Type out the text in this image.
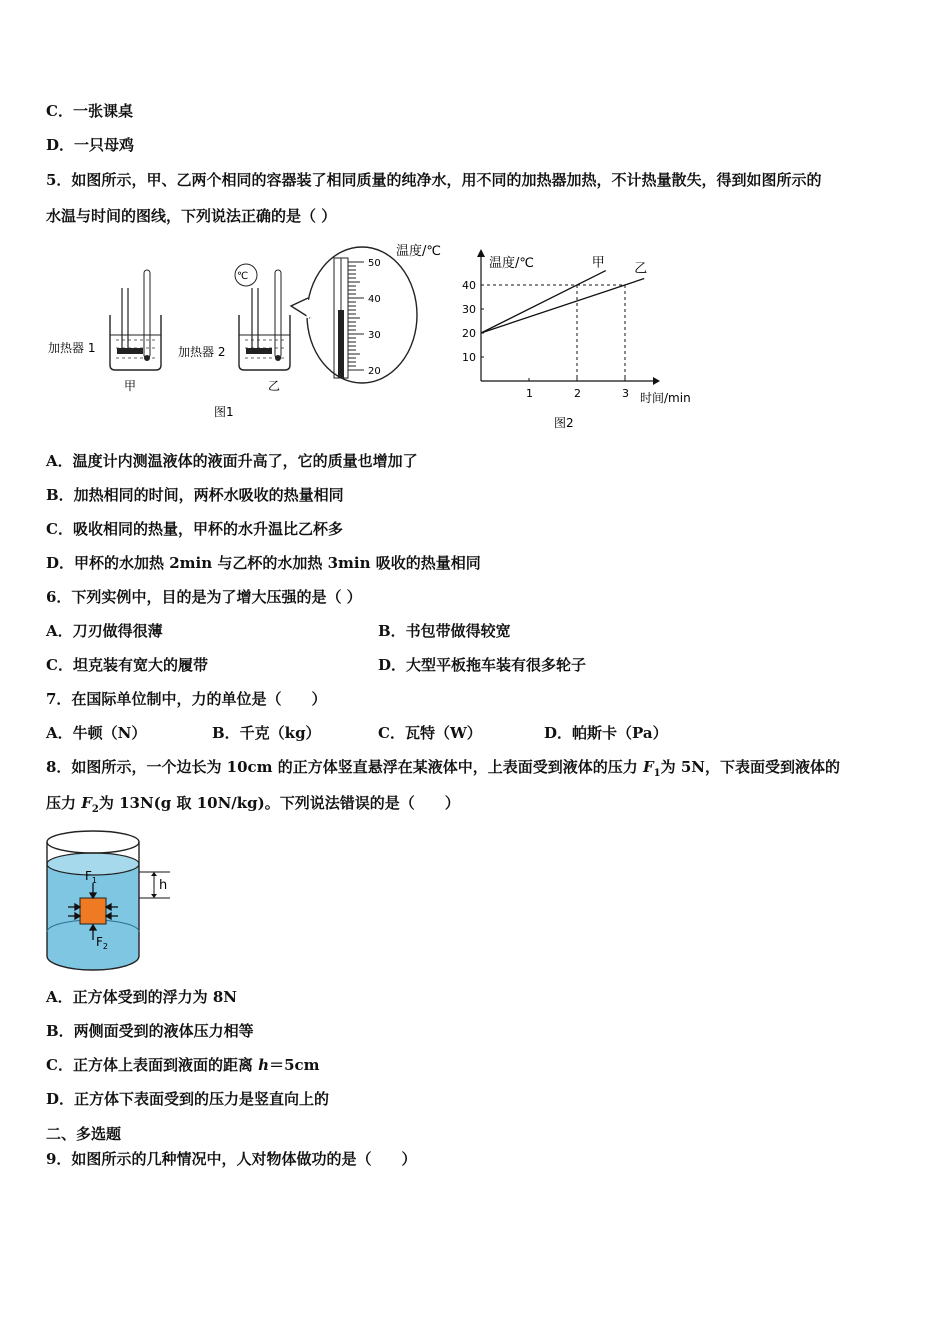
C．一张课桌
D．一只母鸡
5．如图所示，甲、乙两个相同的容器装了相同质量的纯净水，用不同的加热器加热，不计热量散失，得到如图所示的
水温与时间的图线，下列说法正确的是（ ）
加热器 1
甲
℃
加热器 2
乙
50
40
30
20
温度/℃
图1
1	2	3
10
20
30
40
甲 乙
温度/℃
时间/min
图2
A．温度计内测温液体的液面升高了，它的质量也增加了
B．加热相同的时间，两杯水吸收的热量相同
C．吸收相同的热量，甲杯的水升温比乙杯多
D．甲杯的水加热 2min 与乙杯的水加热 3min 吸收的热量相同
6．下列实例中，目的是为了增大压强的是（ ）
A．刀刃做得很薄	B．书包带做得较宽
C．坦克装有宽大的履带	D．大型平板拖车装有很多轮子
7．在国际单位制中，力的单位是（　　）
A．牛顿（N）	B．千克（kg）	C．瓦特（W）	D．帕斯卡（Pa）
8．如图所示，一个边长为 10cm 的正方体竖直悬浮在某液体中，上表面受到液体的压力 $F_1$为 5N，下表面受到液体的
压力 $F_2$为 13N(g 取 10N/kg)。下列说法错误的是（　　）
h
$F_1$
$F_2$
A．正方体受到的浮力为 8N
B．两侧面受到的液体压力相等
C．正方体上表面到液面的距离 h＝5cm
D．正方体下表面受到的压力是竖直向上的
二、多选题
9．如图所示的几种情况中，人对物体做功的是（　　）
